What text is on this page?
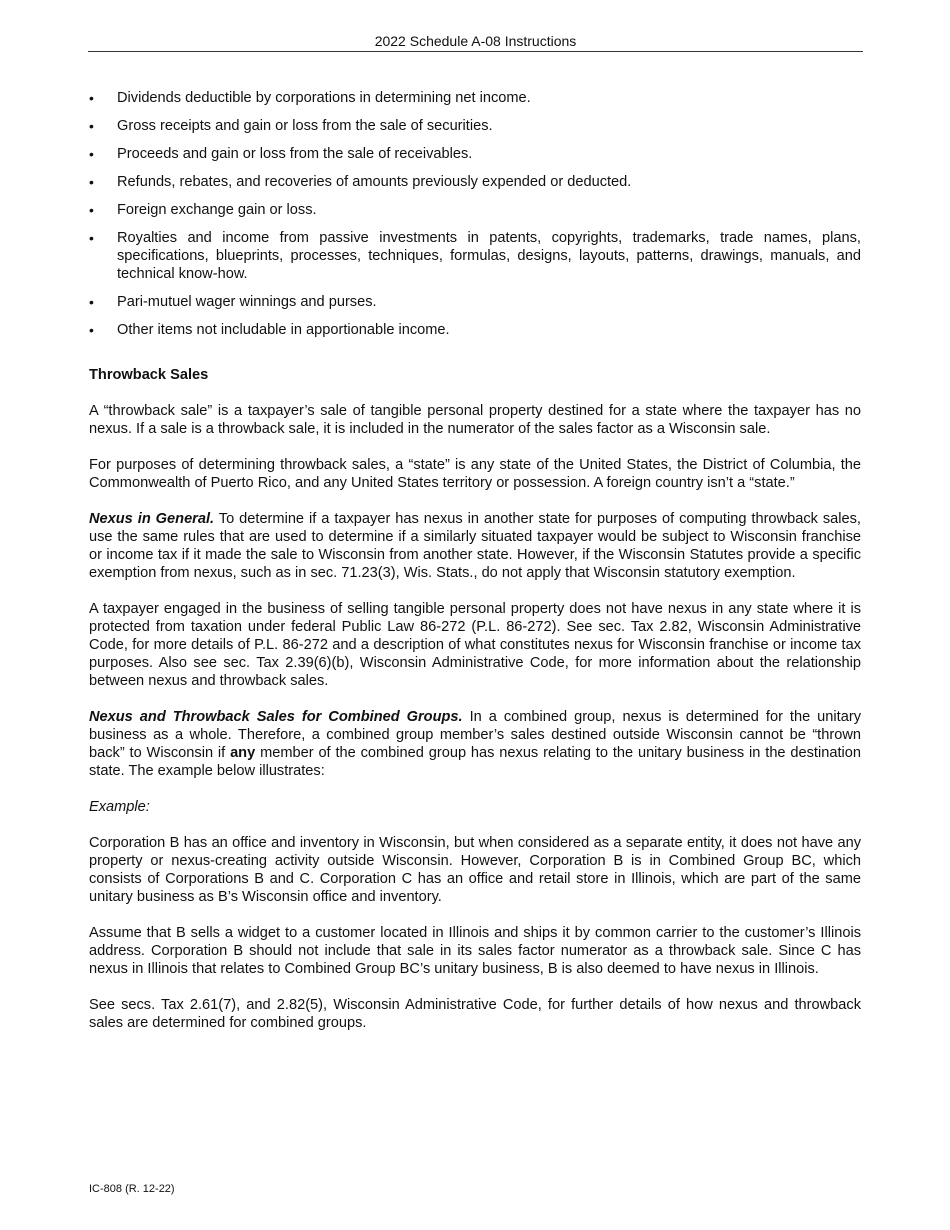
2022 Schedule A-08 Instructions
• Dividends deductible by corporations in determining net income.
• Gross receipts and gain or loss from the sale of securities.
• Proceeds and gain or loss from the sale of receivables.
• Refunds, rebates, and recoveries of amounts previously expended or deducted.
• Foreign exchange gain or loss.
• Royalties and income from passive investments in patents, copyrights, trademarks, trade names, plans, specifications, blueprints, processes, techniques, formulas, designs, layouts, patterns, drawings, manuals, and technical know-how.
• Pari-mutuel wager winnings and purses.
• Other items not includable in apportionable income.
Throwback Sales

A “throwback sale” is a taxpayer’s sale of tangible personal property destined for a state where the taxpayer has no nexus. If a sale is a throwback sale, it is included in the numerator of the sales factor as a Wisconsin sale.

For purposes of determining throwback sales, a “state” is any state of the United States, the District of Columbia, the Commonwealth of Puerto Rico, and any United States territory or possession. A foreign country isn’t a “state.”

Nexus in General. To determine if a taxpayer has nexus in another state for purposes of computing throwback sales, use the same rules that are used to determine if a similarly situated taxpayer would be subject to Wisconsin franchise or income tax if it made the sale to Wisconsin from another state. However, if the Wisconsin Statutes provide a specific exemption from nexus, such as in sec. 71.23(3), Wis. Stats., do not apply that Wisconsin statutory exemption.

A taxpayer engaged in the business of selling tangible personal property does not have nexus in any state where it is protected from taxation under federal Public Law 86-272 (P.L. 86-272). See sec. Tax 2.82, Wisconsin Administrative Code, for more details of P.L. 86-272 and a description of what constitutes nexus for Wisconsin franchise or income tax purposes. Also see sec. Tax 2.39(6)(b), Wisconsin Administrative Code, for more information about the relationship between nexus and throwback sales.

Nexus and Throwback Sales for Combined Groups. In a combined group, nexus is determined for the unitary business as a whole. Therefore, a combined group member’s sales destined outside Wisconsin cannot be “thrown back” to Wisconsin if any member of the combined group has nexus relating to the unitary business in the destination state. The example below illustrates:

Example:

Corporation B has an office and inventory in Wisconsin, but when considered as a separate entity, it does not have any property or nexus-creating activity outside Wisconsin. However, Corporation B is in Combined Group BC, which consists of Corporations B and C. Corporation C has an office and retail store in Illinois, which are part of the same unitary business as B’s Wisconsin office and inventory.

Assume that B sells a widget to a customer located in Illinois and ships it by common carrier to the customer’s Illinois address. Corporation B should not include that sale in its sales factor numerator as a throwback sale. Since C has nexus in Illinois that relates to Combined Group BC’s unitary business, B is also deemed to have nexus in Illinois.

See secs. Tax 2.61(7), and 2.82(5), Wisconsin Administrative Code, for further details of how nexus and throwback sales are determined for combined groups.

IC-808 (R. 12-22)
